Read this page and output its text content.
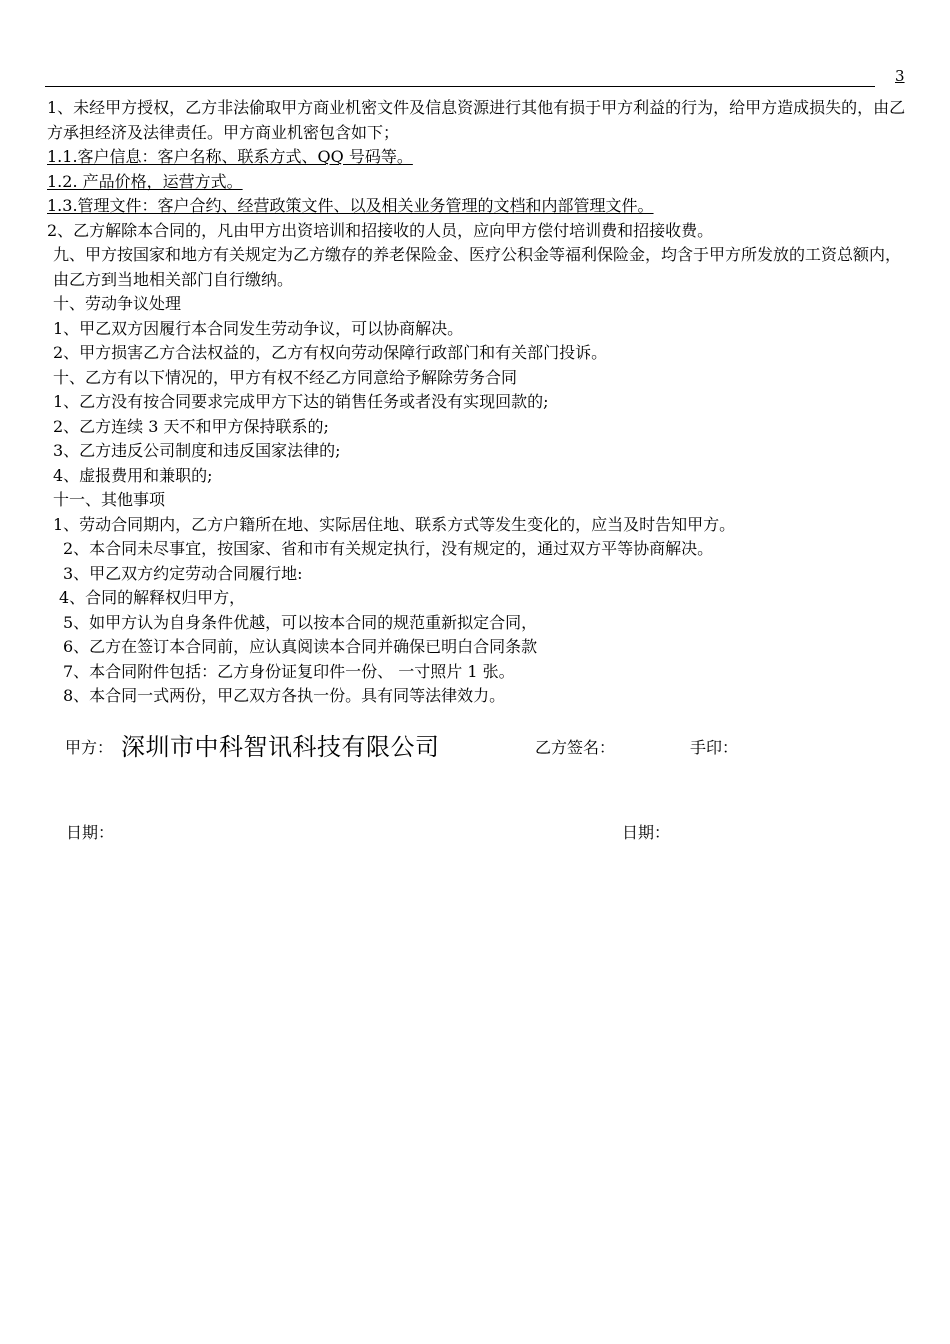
3
1、未经甲方授权，乙方非法偷取甲方商业机密文件及信息资源进行其他有损于甲方利益的行为，给甲方造成损失的，由乙方承担经济及法律责任。甲方商业机密包含如下；
1.1.客户信息：客户名称、联系方式、QQ 号码等。
1.2. 产品价格，运营方式。
1.3.管理文件：客户合约、经营政策文件、以及相关业务管理的文档和内部管理文件。
2、乙方解除本合同的，凡由甲方出资培训和招接收的人员，应向甲方偿付培训费和招接收费。
九、甲方按国家和地方有关规定为乙方缴存的养老保险金、医疗公积金等福利保险金，均含于甲方所发放的工资总额内，由乙方到当地相关部门自行缴纳。
十、劳动争议处理
1、甲乙双方因履行本合同发生劳动争议，可以协商解决。
2、甲方损害乙方合法权益的，乙方有权向劳动保障行政部门和有关部门投诉。
十、乙方有以下情况的，甲方有权不经乙方同意给予解除劳务合同
1、乙方没有按合同要求完成甲方下达的销售任务或者没有实现回款的;
2、乙方连续 3 天不和甲方保持联系的;
3、乙方违反公司制度和违反国家法律的;
4、虚报费用和兼职的;
十一、其他事项
1、劳动合同期内，乙方户籍所在地、实际居住地、联系方式等发生变化的，应当及时告知甲方。
2、本合同未尽事宜，按国家、省和市有关规定执行，没有规定的，通过双方平等协商解决。
3、甲乙双方约定劳动合同履行地:
4、合同的解释权归甲方，
5、如甲方认为自身条件优越，可以按本合同的规范重新拟定合同，
6、乙方在签订本合同前，应认真阅读本合同并确保已明白合同条款
7、本合同附件包括：乙方身份证复印件一份、 一寸照片 1 张。
8、本合同一式两份，甲乙双方各执一份。具有同等法律效力。
甲方： 深圳市中科智讯科技有限公司	乙方签名：	手印：
日期：	日期：
